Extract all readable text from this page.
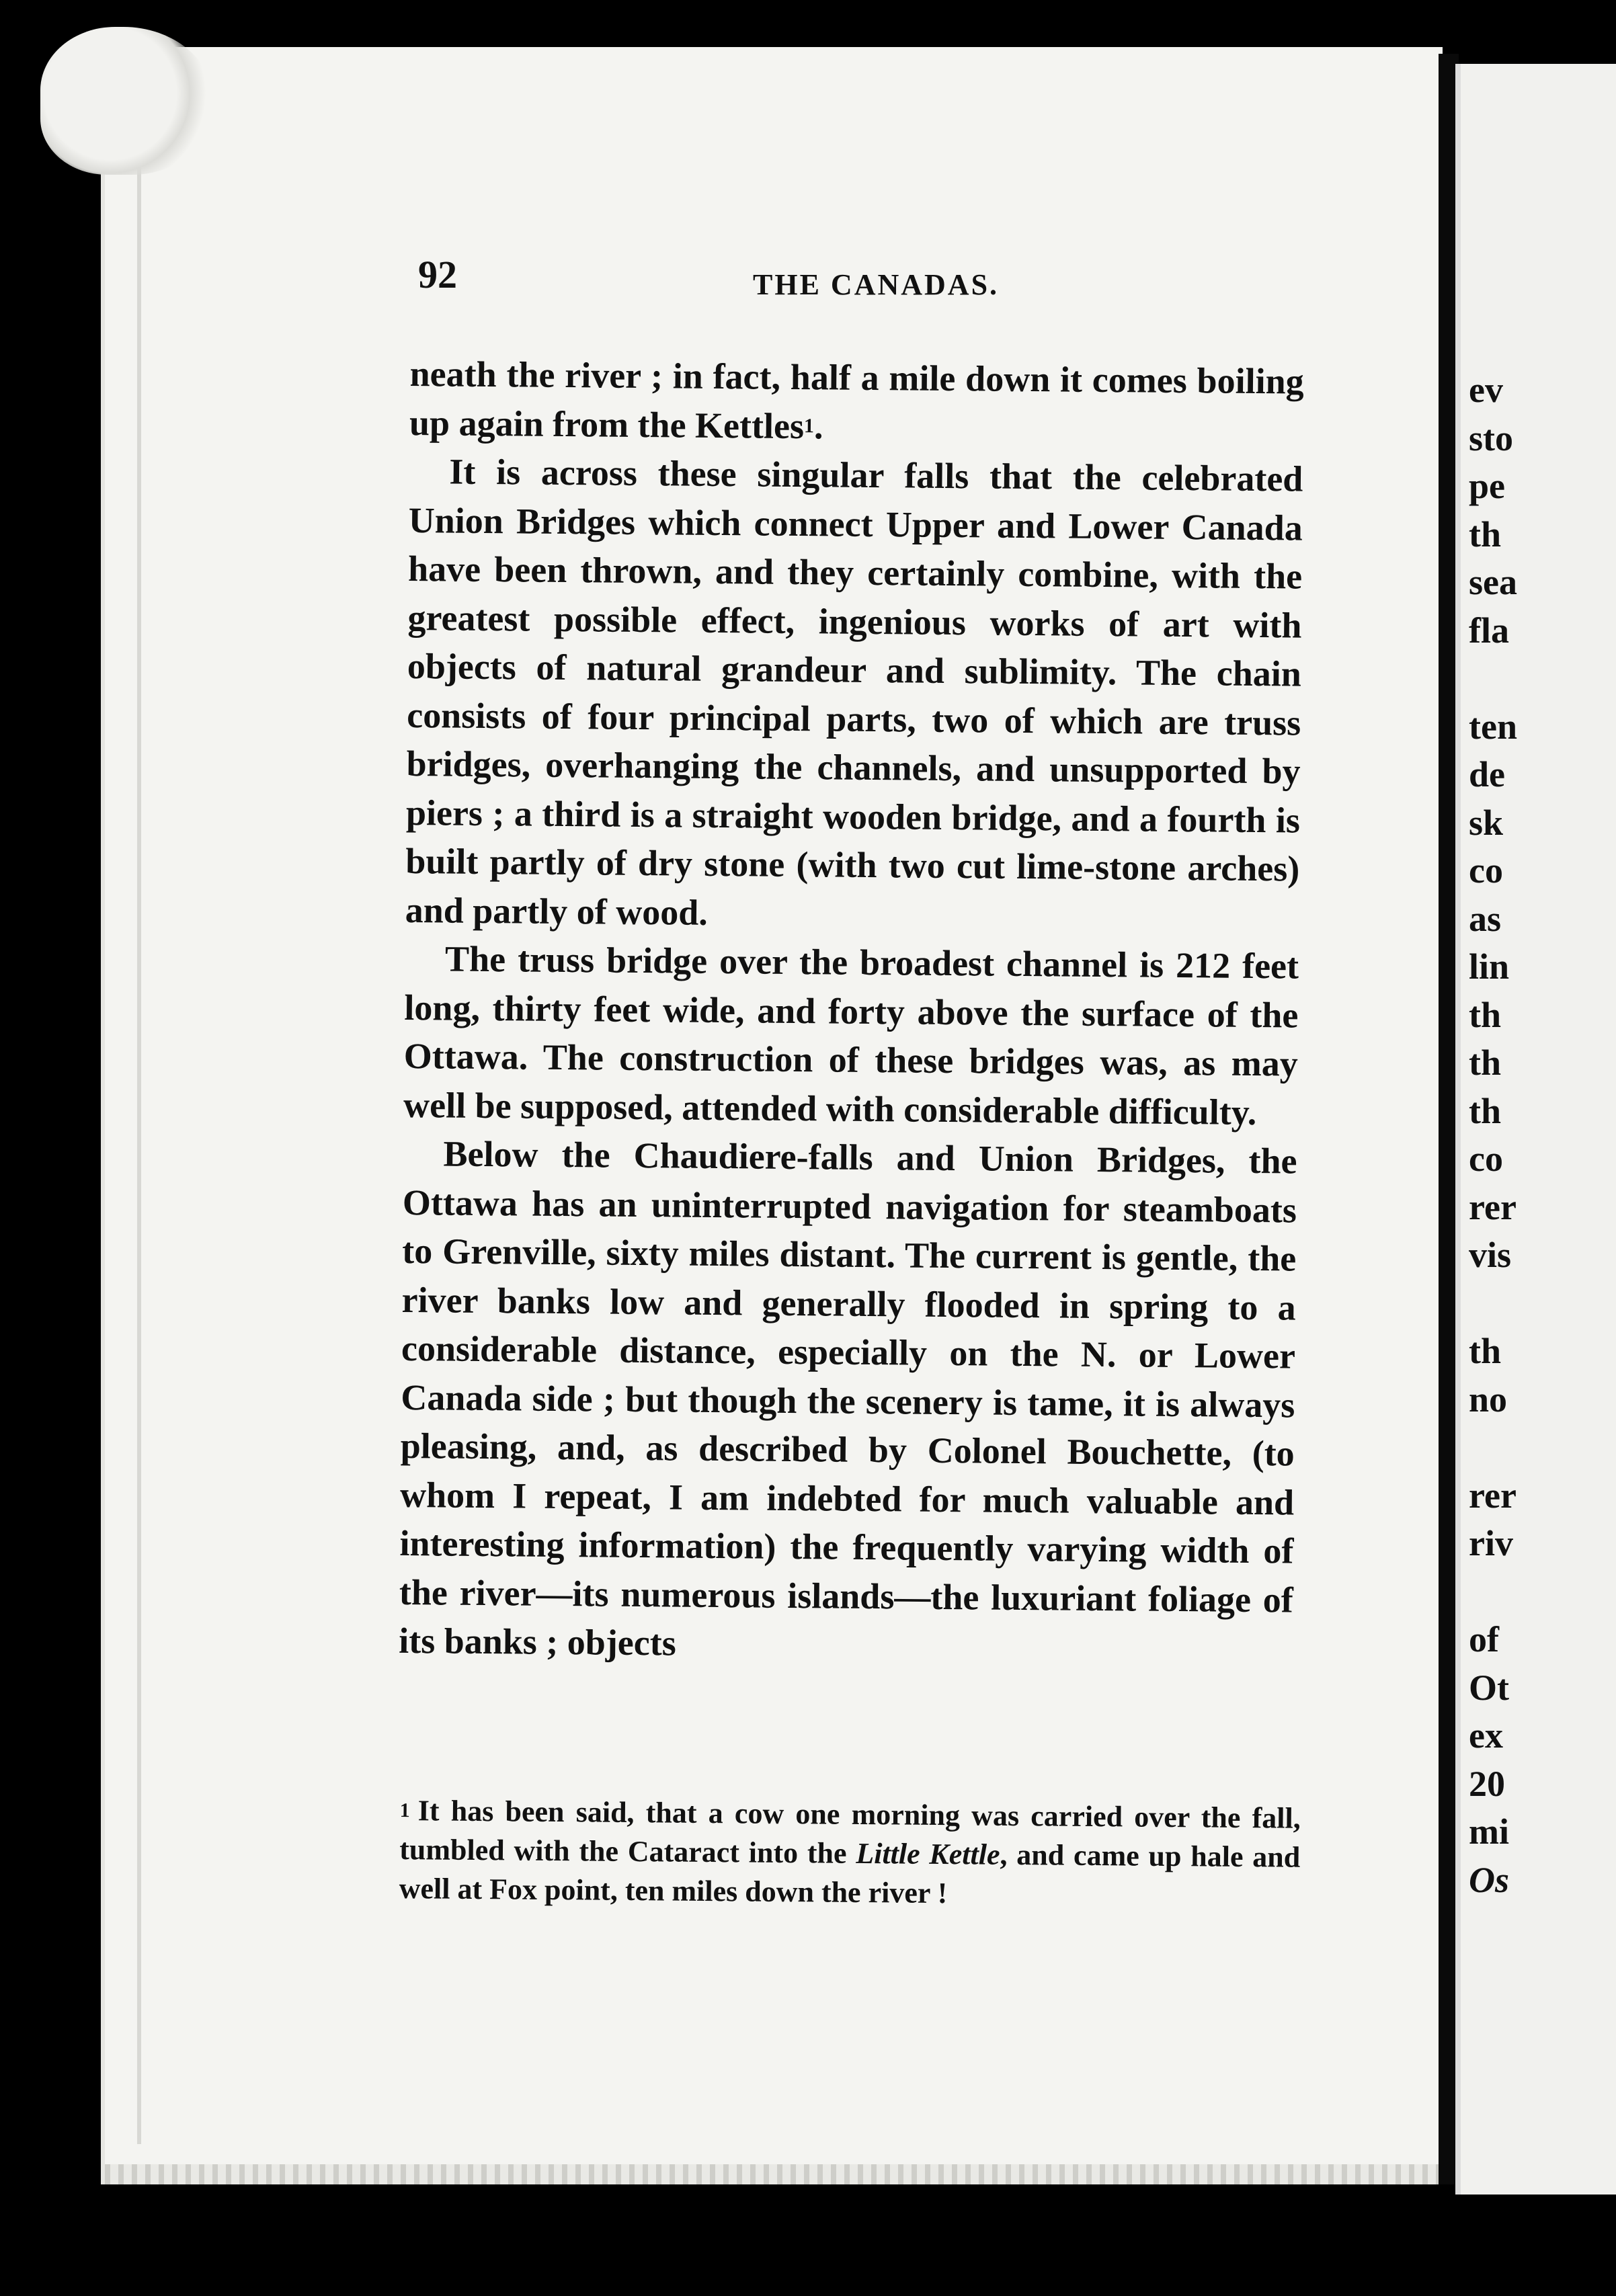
ev
sto
pe
th
sea
fla
ten
de
sk
co
as
lin
th
th
th
co
rer
vis
th
no
rer
riv
of
Ot
ex
20
mi
Os
92	THE CANADAS.

neath the river ; in fact, half a mile down it comes boiling up again from the Kettles$^1$.

It is across these singular falls that the celebrated Union Bridges which connect Upper and Lower Canada have been thrown, and they certainly combine, with the greatest possible effect, ingenious works of art with objects of natural grandeur and sublimity. The chain consists of four principal parts, two of which are truss bridges, overhanging the channels, and unsupported by piers ; a third is a straight wooden bridge, and a fourth is built partly of dry stone (with two cut lime-stone arches) and partly of wood.

The truss bridge over the broadest channel is 212 feet long, thirty feet wide, and forty above the surface of the Ottawa. The construction of these bridges was, as may well be supposed, attended with considerable difficulty.

Below the Chaudiere-falls and Union Bridges, the Ottawa has an uninterrupted navigation for steamboats to Grenville, sixty miles distant. The current is gentle, the river banks low and generally flooded in spring to a considerable distance, especially on the N. or Lower Canada side ; but though the scenery is tame, it is always pleasing, and, as described by Colonel Bouchette, (to whom I repeat, I am indebted for much valuable and interesting information) the frequently varying width of the river—its numerous islands—the luxuriant foliage of its banks ; objects

$^1$ It has been said, that a cow one morning was carried over the fall, tumbled with the Cataract into the Little Kettle, and came up hale and well at Fox point, ten miles down the river !
